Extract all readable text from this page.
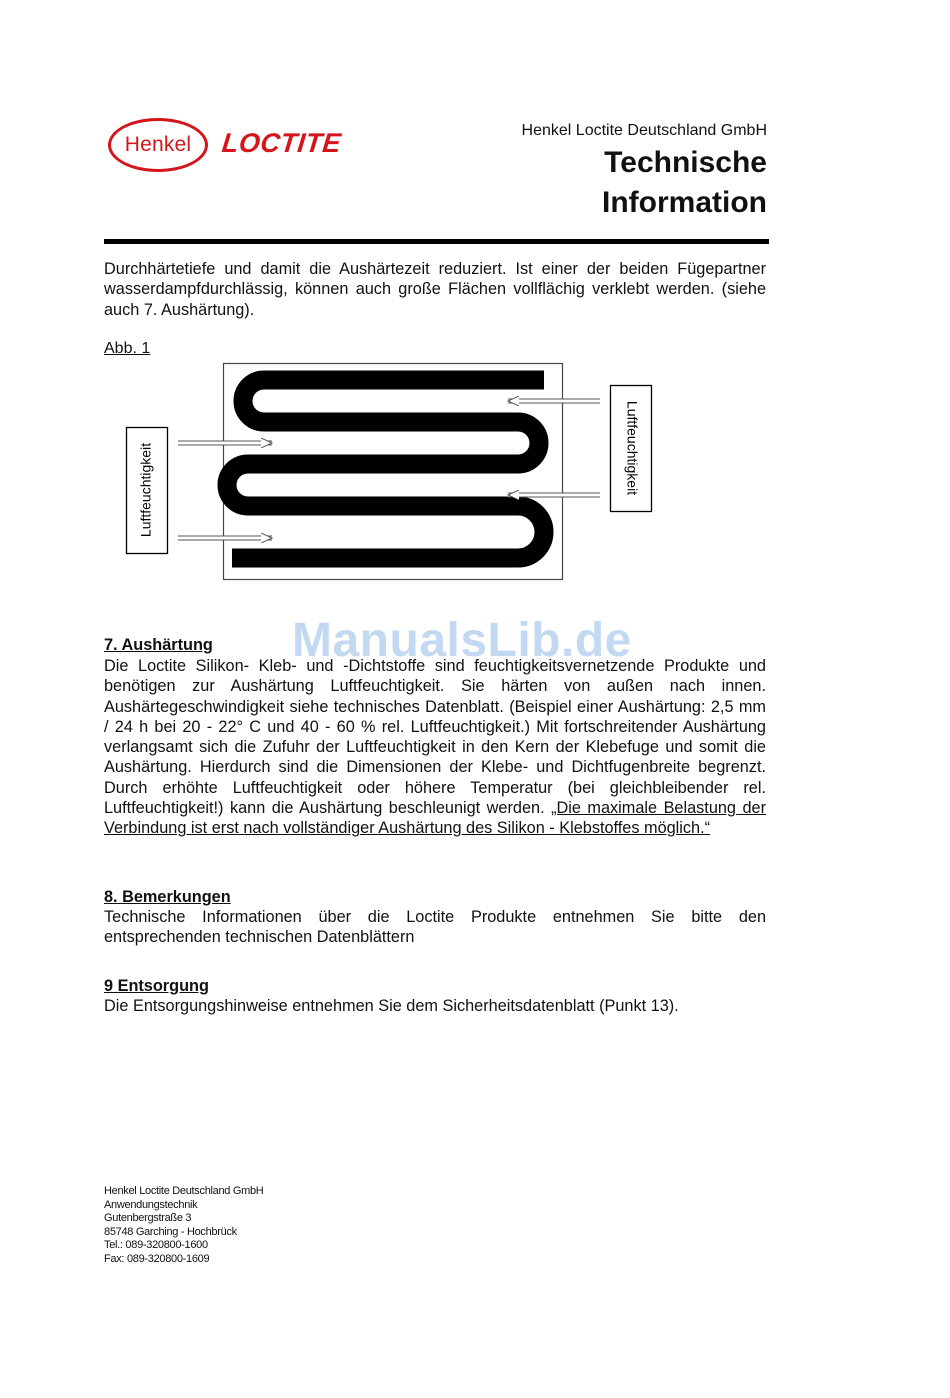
Henkel LOCTITE	Henkel Loctite Deutschland GmbH
Technische
Information
Durchhärtetiefe und damit die Aushärtezeit reduziert. Ist einer der beiden Fügepartner wasserdampfdurchlässig, können auch große Flächen vollflächig verklebt werden. (siehe auch 7. Aushärtung).
Abb. 1
Luftfeuchtigkeit	Luftfeuchtigkeit
7. Aushärtung
Die Loctite Silikon- Kleb- und -Dichtstoffe sind feuchtigkeitsvernetzende Produkte und benötigen zur Aushärtung Luftfeuchtigkeit. Sie härten von außen nach innen. Aushärtegeschwindigkeit siehe technisches Datenblatt. (Beispiel einer Aushärtung: 2,5 mm / 24 h bei 20 - 22° C und 40 - 60 % rel. Luftfeuchtigkeit.) Mit fortschreitender Aushärtung verlangsamt sich die Zufuhr der Luftfeuchtigkeit in den Kern der Klebefuge und somit die Aushärtung. Hierdurch sind die Dimensionen der Klebe- und Dichtfugenbreite begrenzt. Durch erhöhte Luftfeuchtigkeit oder höhere Temperatur (bei gleichbleibender rel. Luftfeuchtigkeit!) kann die Aushärtung beschleunigt werden. „Die maximale Belastung der Verbindung ist erst nach vollständiger Aushärtung des Silikon - Klebstoffes möglich.“
ManualsLib.de
8. Bemerkungen
Technische Informationen über die Loctite Produkte entnehmen Sie bitte den entsprechenden technischen Datenblättern
9 Entsorgung
Die Entsorgungshinweise entnehmen Sie dem Sicherheitsdatenblatt (Punkt 13).
Henkel Loctite Deutschland GmbH
Anwendungstechnik
Gutenbergstraße 3
85748 Garching - Hochbrück
Tel.: 089-320800-1600
Fax: 089-320800-1609
